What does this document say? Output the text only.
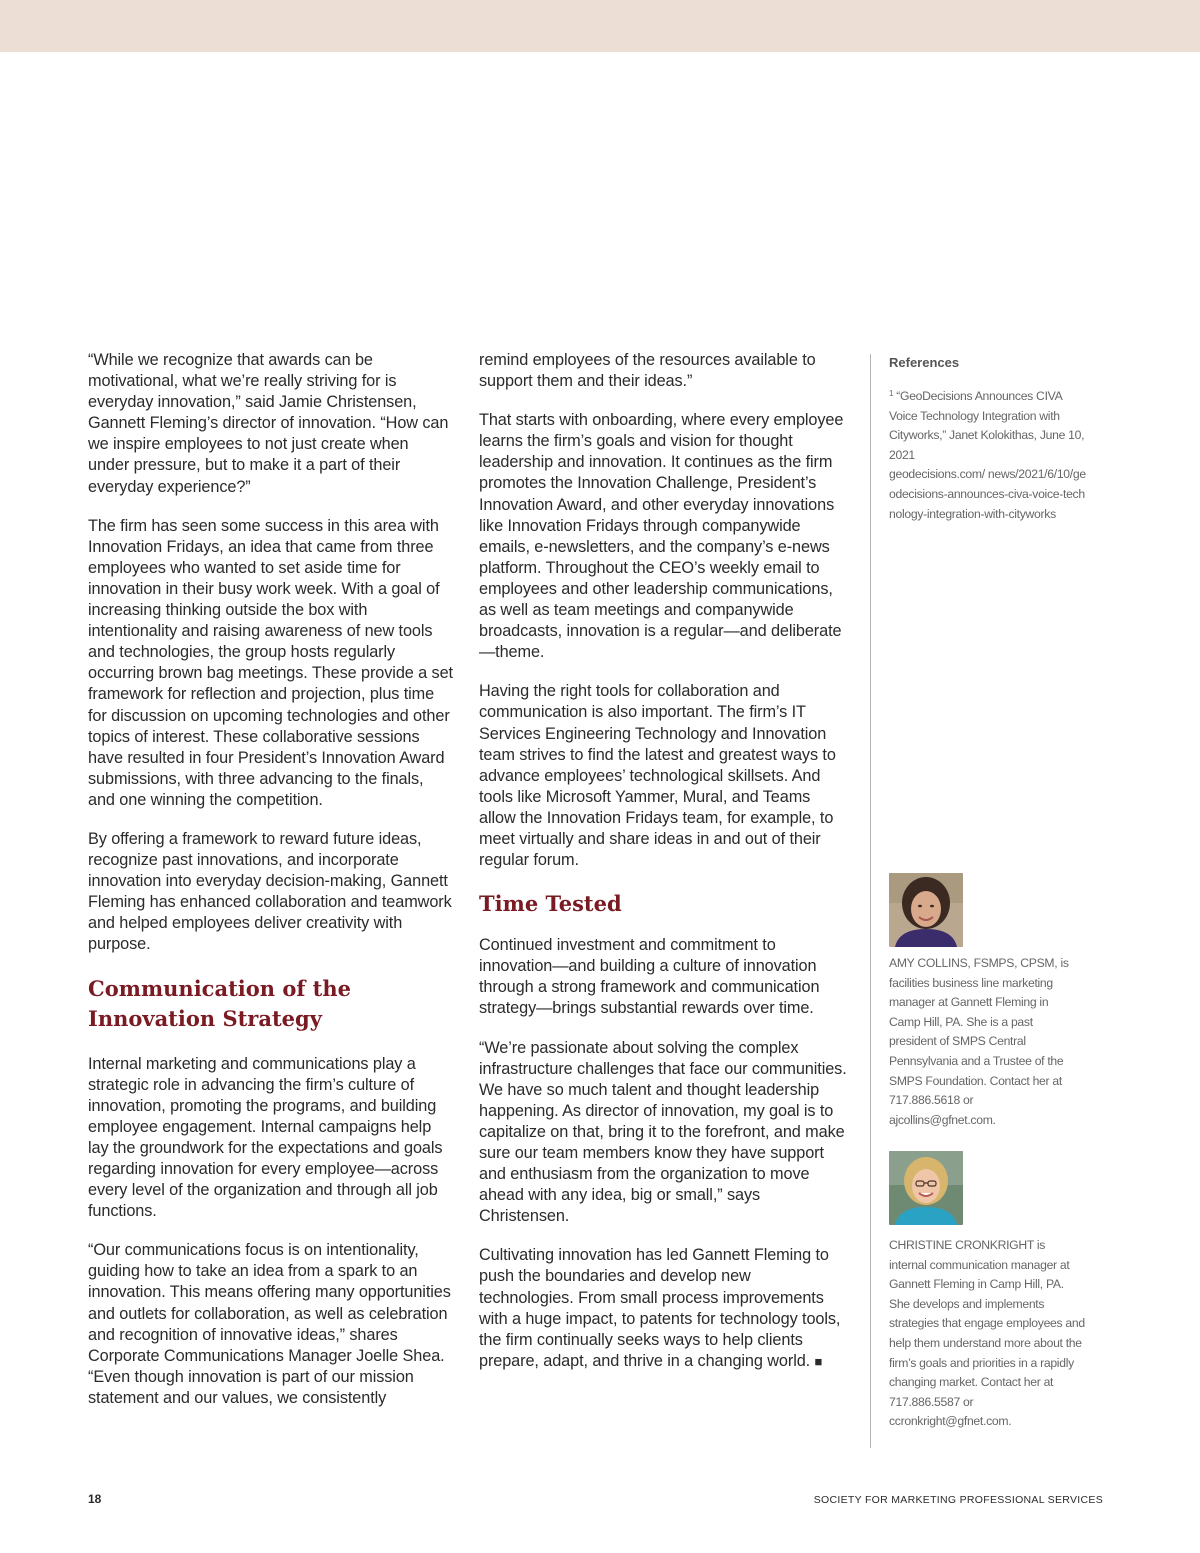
“While we recognize that awards can be motivational, what we’re really striving for is everyday innovation,” said Jamie Christensen, Gannett Fleming’s director of innovation. “How can we inspire employees to not just create when under pressure, but to make it a part of their everyday experience?”

The firm has seen some success in this area with Innovation Fridays, an idea that came from three employees who wanted to set aside time for innovation in their busy work week. With a goal of increasing thinking outside the box with intentionality and raising awareness of new tools and technologies, the group hosts regularly occurring brown bag meetings. These provide a set framework for reflection and projection, plus time for discussion on upcoming technologies and other topics of interest. These collaborative sessions have resulted in four President’s Innovation Award submissions, with three advancing to the finals, and one winning the competition.

By offering a framework to reward future ideas, recognize past innovations, and incorporate innovation into everyday decision-making, Gannett Fleming has enhanced collaboration and teamwork and helped employees deliver creativity with purpose.

Communication of the Innovation Strategy

Internal marketing and communications play a strategic role in advancing the firm’s culture of innovation, promoting the programs, and building employee engagement. Internal campaigns help lay the groundwork for the expectations and goals regarding innovation for every employee—across every level of the organization and through all job functions.

“Our communications focus is on intentionality, guiding how to take an idea from a spark to an innovation. This means offering many opportunities and outlets for collaboration, as well as celebration and recognition of innovative ideas,” shares Corporate Communications Manager Joelle Shea. “Even though innovation is part of our mission statement and our values, we consistently

remind employees of the resources available to support them and their ideas.”

That starts with onboarding, where every employee learns the firm’s goals and vision for thought leadership and innovation. It continues as the firm promotes the Innovation Challenge, President’s Innovation Award, and other everyday innovations like Innovation Fridays through companywide emails, e-newsletters, and the company’s e-news platform. Throughout the CEO’s weekly email to employees and other leadership communications, as well as team meetings and companywide broadcasts, innovation is a regular—and deliberate—theme.

Having the right tools for collaboration and communication is also important. The firm’s IT Services Engineering Technology and Innovation team strives to find the latest and greatest ways to advance employees’ technological skillsets. And tools like Microsoft Yammer, Mural, and Teams allow the Innovation Fridays team, for example, to meet virtually and share ideas in and out of their regular forum.

Time Tested

Continued investment and commitment to innovation—and building a culture of innovation through a strong framework and communication strategy—brings substantial rewards over time.

“We’re passionate about solving the complex infrastructure challenges that face our communities. We have so much talent and thought leadership happening. As director of innovation, my goal is to capitalize on that, bring it to the forefront, and make sure our team members know they have support and enthusiasm from the organization to move ahead with any idea, big or small,” says Christensen.

Cultivating innovation has led Gannett Fleming to push the boundaries and develop new technologies. From small process improvements with a huge impact, to patents for technology tools, the firm continually seeks ways to help clients prepare, adapt, and thrive in a changing world. ■

References
$^1$ “GeoDecisions Announces CIVA Voice Technology Integration with Cityworks,” Janet Kolokithas, June 10, 2021
geodecisions.com/ news/2021/6/10/geodecisions-announces-civa-voice-technology-integration-with-cityworks
AMY COLLINS, FSMPS, CPSM, is facilities business line marketing manager at Gannett Fleming in Camp Hill, PA. She is a past president of SMPS Central Pennsylvania and a Trustee of the SMPS Foundation. Contact her at 717.886.5618 or ajcollins@gfnet.com.
CHRISTINE CRONKRIGHT is internal communication manager at Gannett Fleming in Camp Hill, PA. She develops and implements strategies that engage employees and help them understand more about the firm’s goals and priorities in a rapidly changing market. Contact her at 717.886.5587 or ccronkright@gfnet.com.
18	SOCIETY FOR MARKETING PROFESSIONAL SERVICES
